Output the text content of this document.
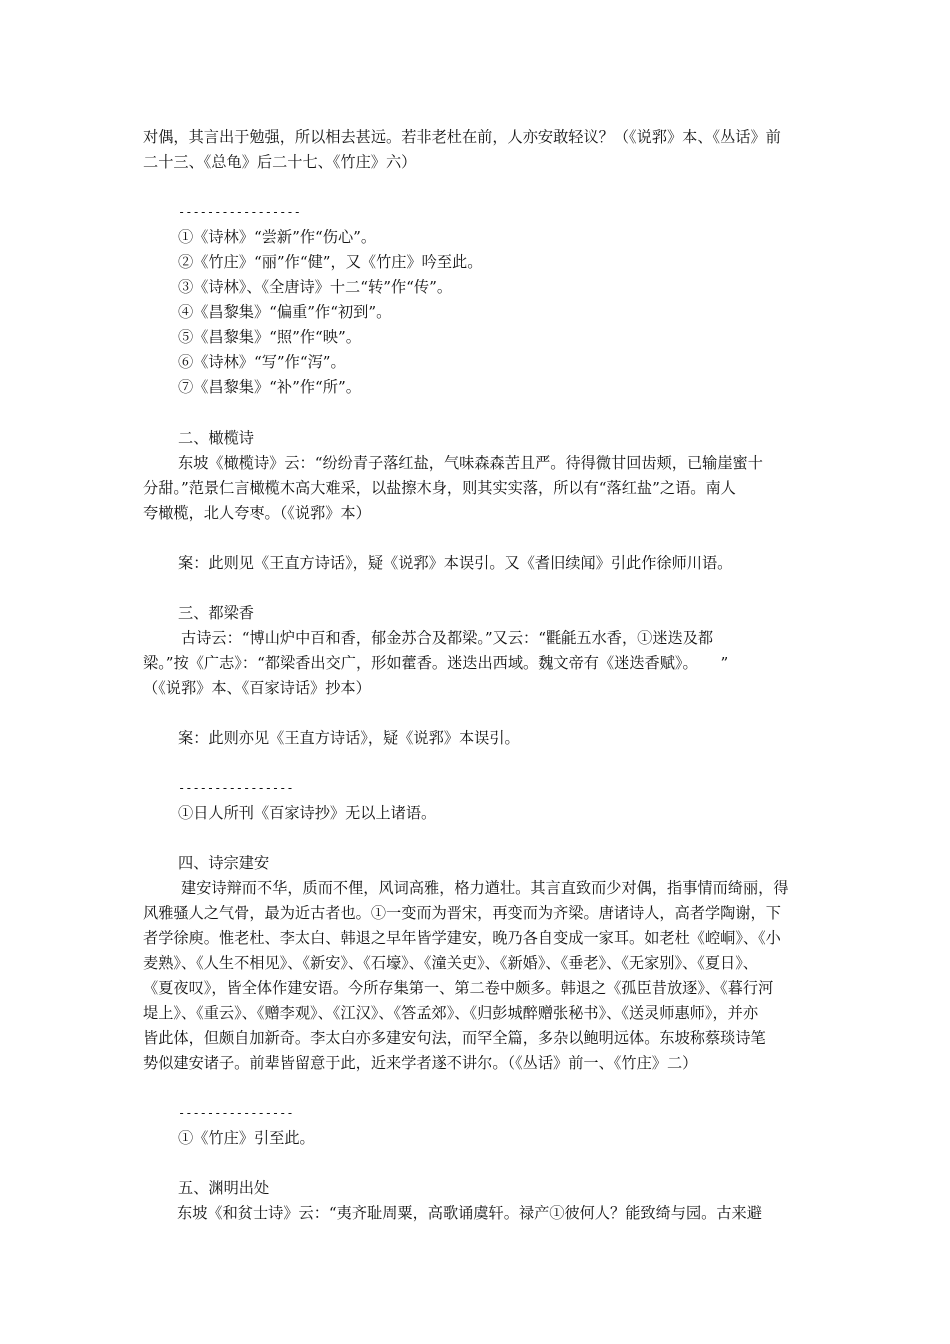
对偶，其言出于勉强，所以相去甚远。若非老杜在前，人亦安敢轻议？（《说郛》本、《丛话》前
二十三、《总龟》后二十七、《竹庄》六）
-----------------
①《诗林》“尝新”作“伤心”。
②《竹庄》“丽”作“健”，又《竹庄》吟至此。
③《诗林》、《全唐诗》十二“转”作“传”。
④《昌黎集》“偏重”作“初到”。
⑤《昌黎集》“照”作“映”。
⑥《诗林》“写”作“泻”。
⑦《昌黎集》“补”作“所”。
二、橄榄诗
东坡《橄榄诗》云：“纷纷青子落红盐，气味森森苦且严。待得微甘回齿颊，已输崖蜜十
分甜。”范景仁言橄榄木高大难采，以盐擦木身，则其实实落，所以有“落红盐”之语。南人
夸橄榄，北人夸枣。（《说郛》本）
案：此则见《王直方诗话》，疑《说郛》本误引。又《耆旧续闻》引此作徐师川语。
三、都梁香
古诗云：“博山炉中百和香，郁金苏合及都梁。”又云：“氍毹五水香，①迷迭及都
梁。”按《广志》：“都梁香出交广，形如藿香。迷迭出西域。魏文帝有《迷迭香赋》。　　”
（《说郛》本、《百家诗话》抄本）
案：此则亦见《王直方诗话》，疑《说郛》本误引。
----------------
①日人所刊《百家诗抄》无以上诸语。
四、诗宗建安
建安诗辩而不华，质而不俚，风词高雅，格力遒壮。其言直致而少对偶，指事情而绮丽，得
风雅骚人之气骨，最为近古者也。①一变而为晋宋，再变而为齐梁。唐诸诗人，高者学陶谢，下
者学徐庾。惟老杜、李太白、韩退之早年皆学建安，晚乃各自变成一家耳。如老杜《崆峒》、《小
麦熟》、《人生不相见》、《新安》、《石壕》、《潼关吏》、《新婚》、《垂老》、《无家别》、《夏日》、
《夏夜叹》，皆全体作建安语。今所存集第一、第二卷中颇多。韩退之《孤臣昔放逐》、《暮行河
堤上》、《重云》、《赠李观》、《江汉》、《答孟郊》、《归彭城醉赠张秘书》、《送灵师惠师》，并亦
皆此体，但颇自加新奇。李太白亦多建安句法，而罕全篇，多杂以鲍明远体。东坡称蔡琰诗笔
势似建安诸子。前辈皆留意于此，近来学者遂不讲尔。（《丛话》前一、《竹庄》二）
----------------
①《竹庄》引至此。
五、渊明出处
东坡《和贫士诗》云：“夷齐耻周粟，高歌诵虞轩。禄产①彼何人？能致绮与园。古来避
